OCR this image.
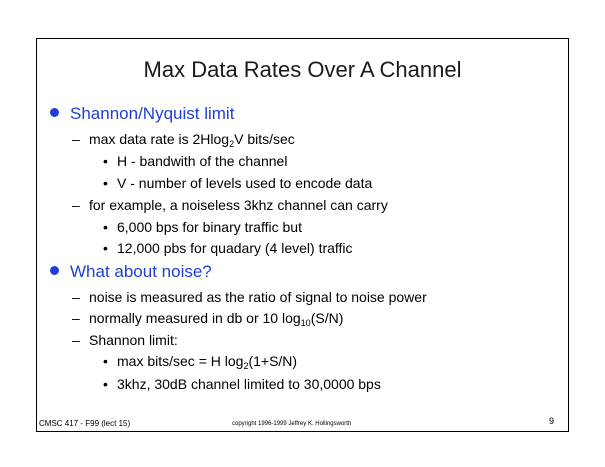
Max Data Rates Over A Channel
Shannon/Nyquist limit
– max data rate is 2Hlog$_2$V bits/sec
• H - bandwith of the channel
• V - number of levels used to encode data
– for example, a noiseless 3khz channel can carry
• 6,000 bps for binary traffic but
• 12,000 pbs for quadary (4 level) traffic
What about noise?
– noise is measured as the ratio of signal to noise power
– normally measured in db or 10 $\log_{10}(S/N)$
– Shannon limit:
• max bits/sec = H $\log_2(1+S/N)$
• 3khz, 30dB channel limited to 30,0000 bps
CMSC 417 - F99 (lect 15)	copyright 1996-1999 Jeffrey K. Hollingsworth	9
